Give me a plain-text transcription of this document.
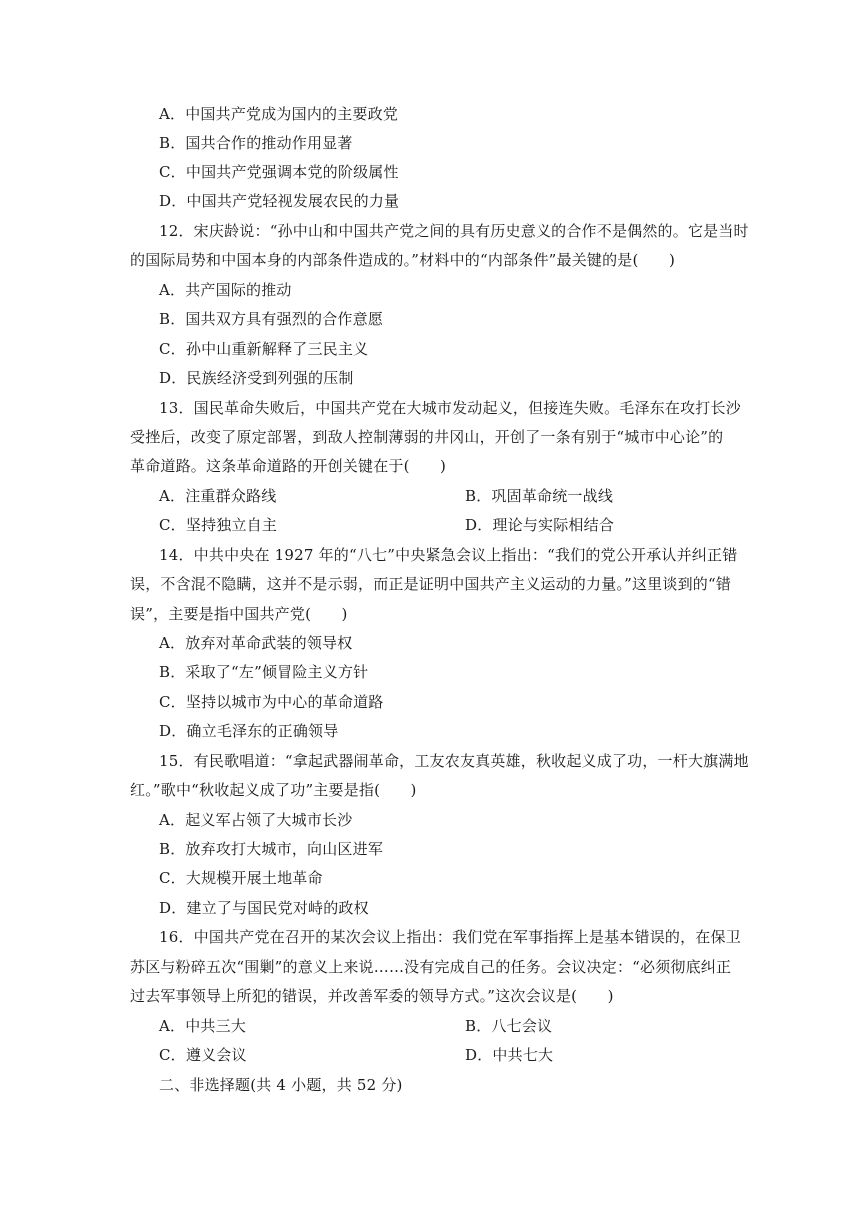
A．中国共产党成为国内的主要政党
B．国共合作的推动作用显著
C．中国共产党强调本党的阶级属性
D．中国共产党轻视发展农民的力量
12．宋庆龄说：“孙中山和中国共产党之间的具有历史意义的合作不是偶然的。它是当时
的国际局势和中国本身的内部条件造成的。”材料中的“内部条件”最关键的是(　　)
A．共产国际的推动
B．国共双方具有强烈的合作意愿
C．孙中山重新解释了三民主义
D．民族经济受到列强的压制
13．国民革命失败后，中国共产党在大城市发动起义，但接连失败。毛泽东在攻打长沙
受挫后，改变了原定部署，到敌人控制薄弱的井冈山，开创了一条有别于“城市中心论”的
革命道路。这条革命道路的开创关键在于(　　)
A．注重群众路线	B．巩固革命统一战线
C．坚持独立自主	D．理论与实际相结合
14．中共中央在 1927 年的“八七”中央紧急会议上指出：“我们的党公开承认并纠正错
误，不含混不隐瞒，这并不是示弱，而正是证明中国共产主义运动的力量。”这里谈到的“错
误”，主要是指中国共产党(　　)
A．放弃对革命武装的领导权
B．采取了“左”倾冒险主义方针
C．坚持以城市为中心的革命道路
D．确立毛泽东的正确领导
15．有民歌唱道：“拿起武器闹革命，工友农友真英雄，秋收起义成了功，一杆大旗满地
红。”歌中“秋收起义成了功”主要是指(　　)
A．起义军占领了大城市长沙
B．放弃攻打大城市，向山区进军
C．大规模开展土地革命
D．建立了与国民党对峙的政权
16．中国共产党在召开的某次会议上指出：我们党在军事指挥上是基本错误的，在保卫
苏区与粉碎五次“围剿”的意义上来说……没有完成自己的任务。会议决定：“必须彻底纠正
过去军事领导上所犯的错误，并改善军委的领导方式。”这次会议是(　　)
A．中共三大	B．八七会议
C．遵义会议	D．中共七大
二、非选择题(共 4 小题，共 52 分)
